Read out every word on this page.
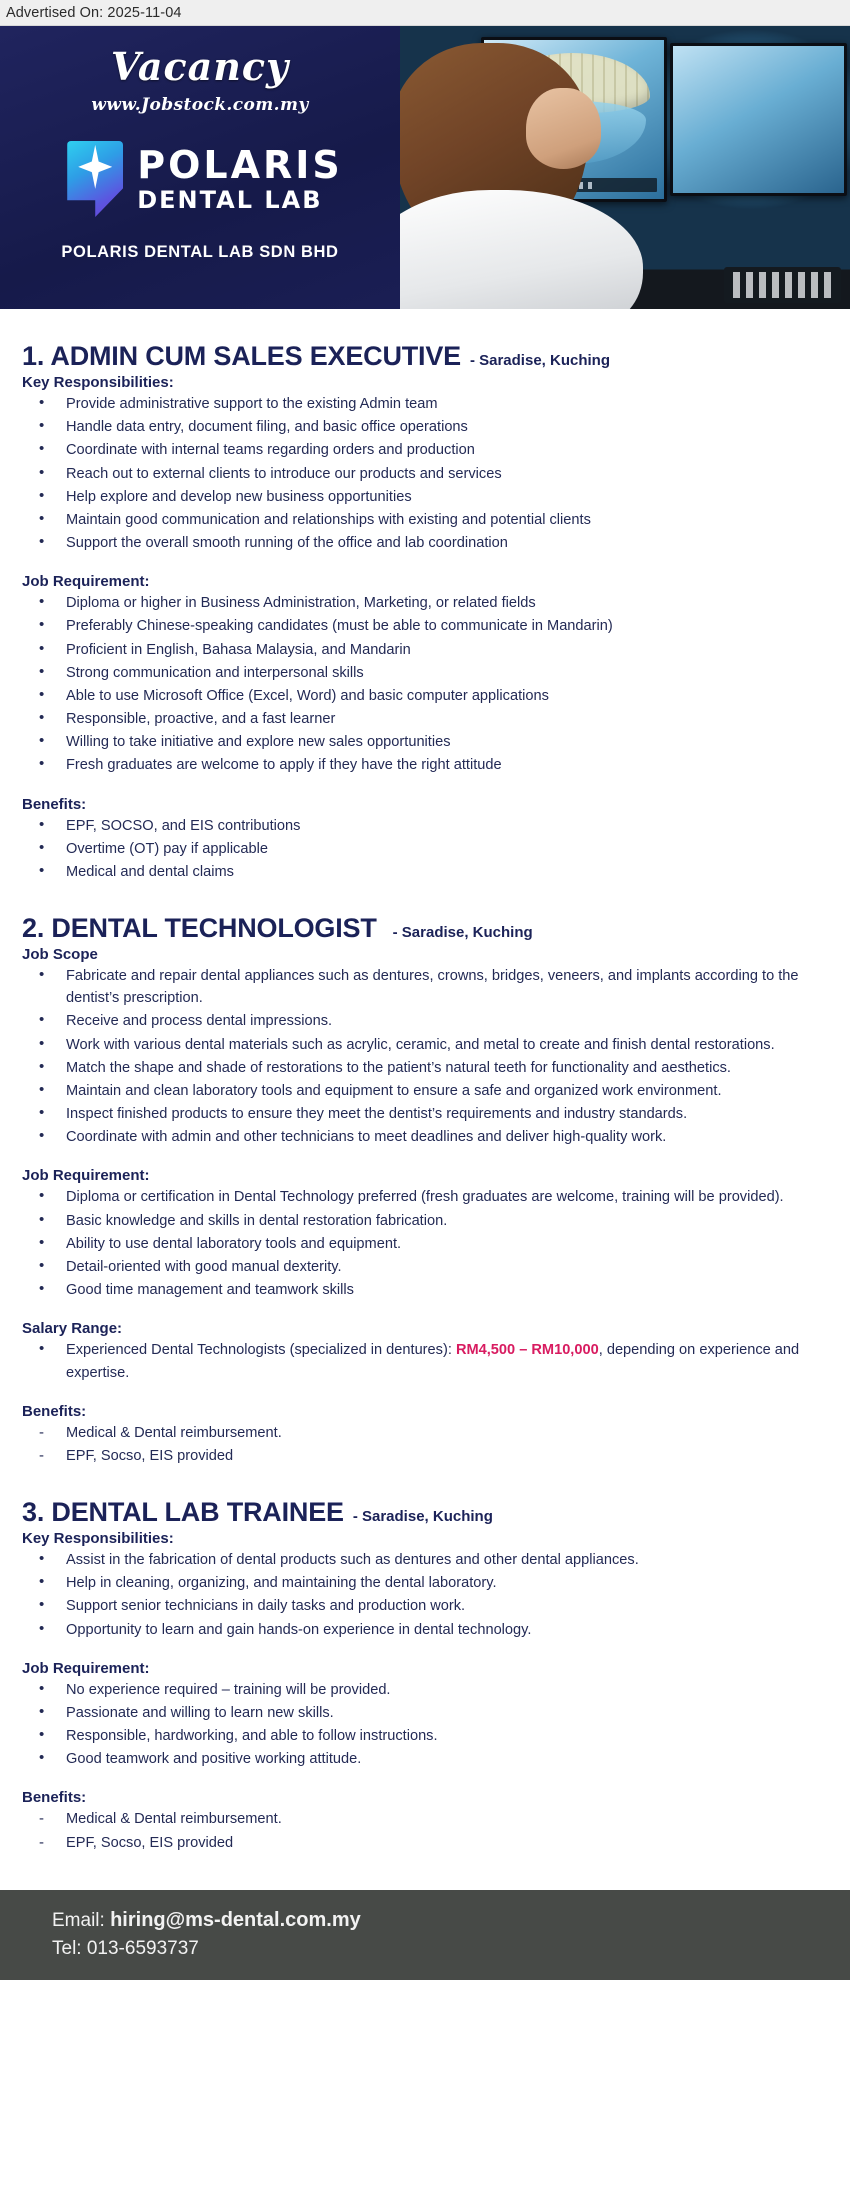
Advertised On: 2025-11-04
Vacancy
www.Jobstock.com.my
POLARIS
DENTAL LAB
POLARIS DENTAL LAB SDN BHD
1. ADMIN CUM SALES EXECUTIVE - Saradise, Kuching
Key Responsibilities:
• Provide administrative support to the existing Admin team
• Handle data entry, document filing, and basic office operations
• Coordinate with internal teams regarding orders and production
• Reach out to external clients to introduce our products and services
• Help explore and develop new business opportunities
• Maintain good communication and relationships with existing and potential clients
• Support the overall smooth running of the office and lab coordination
Job Requirement:
• Diploma or higher in Business Administration, Marketing, or related fields
• Preferably Chinese-speaking candidates (must be able to communicate in Mandarin)
• Proficient in English, Bahasa Malaysia, and Mandarin
• Strong communication and interpersonal skills
• Able to use Microsoft Office (Excel, Word) and basic computer applications
• Responsible, proactive, and a fast learner
• Willing to take initiative and explore new sales opportunities
• Fresh graduates are welcome to apply if they have the right attitude
Benefits:
• EPF, SOCSO, and EIS contributions
• Overtime (OT) pay if applicable
• Medical and dental claims
2. DENTAL TECHNOLOGIST - Saradise, Kuching
Job Scope
• Fabricate and repair dental appliances such as dentures, crowns, bridges, veneers, and implants according to the dentist’s prescription.
• Receive and process dental impressions.
• Work with various dental materials such as acrylic, ceramic, and metal to create and finish dental restorations.
• Match the shape and shade of restorations to the patient’s natural teeth for functionality and aesthetics.
• Maintain and clean laboratory tools and equipment to ensure a safe and organized work environment.
• Inspect finished products to ensure they meet the dentist’s requirements and industry standards.
• Coordinate with admin and other technicians to meet deadlines and deliver high-quality work.
Job Requirement:
• Diploma or certification in Dental Technology preferred (fresh graduates are welcome, training will be provided).
• Basic knowledge and skills in dental restoration fabrication.
• Ability to use dental laboratory tools and equipment.
• Detail-oriented with good manual dexterity.
• Good time management and teamwork skills
Salary Range:
• Experienced Dental Technologists (specialized in dentures): RM4,500 – RM10,000, depending on experience and expertise.
Benefits:
- Medical & Dental reimbursement.
- EPF, Socso, EIS provided
3. DENTAL LAB TRAINEE - Saradise, Kuching
Key Responsibilities:
• Assist in the fabrication of dental products such as dentures and other dental appliances.
• Help in cleaning, organizing, and maintaining the dental laboratory.
• Support senior technicians in daily tasks and production work.
• Opportunity to learn and gain hands-on experience in dental technology.
Job Requirement:
• No experience required – training will be provided.
• Passionate and willing to learn new skills.
• Responsible, hardworking, and able to follow instructions.
• Good teamwork and positive working attitude.
Benefits:
- Medical & Dental reimbursement.
- EPF, Socso, EIS provided
Email: hiring@ms-dental.com.my
Tel: 013-6593737
